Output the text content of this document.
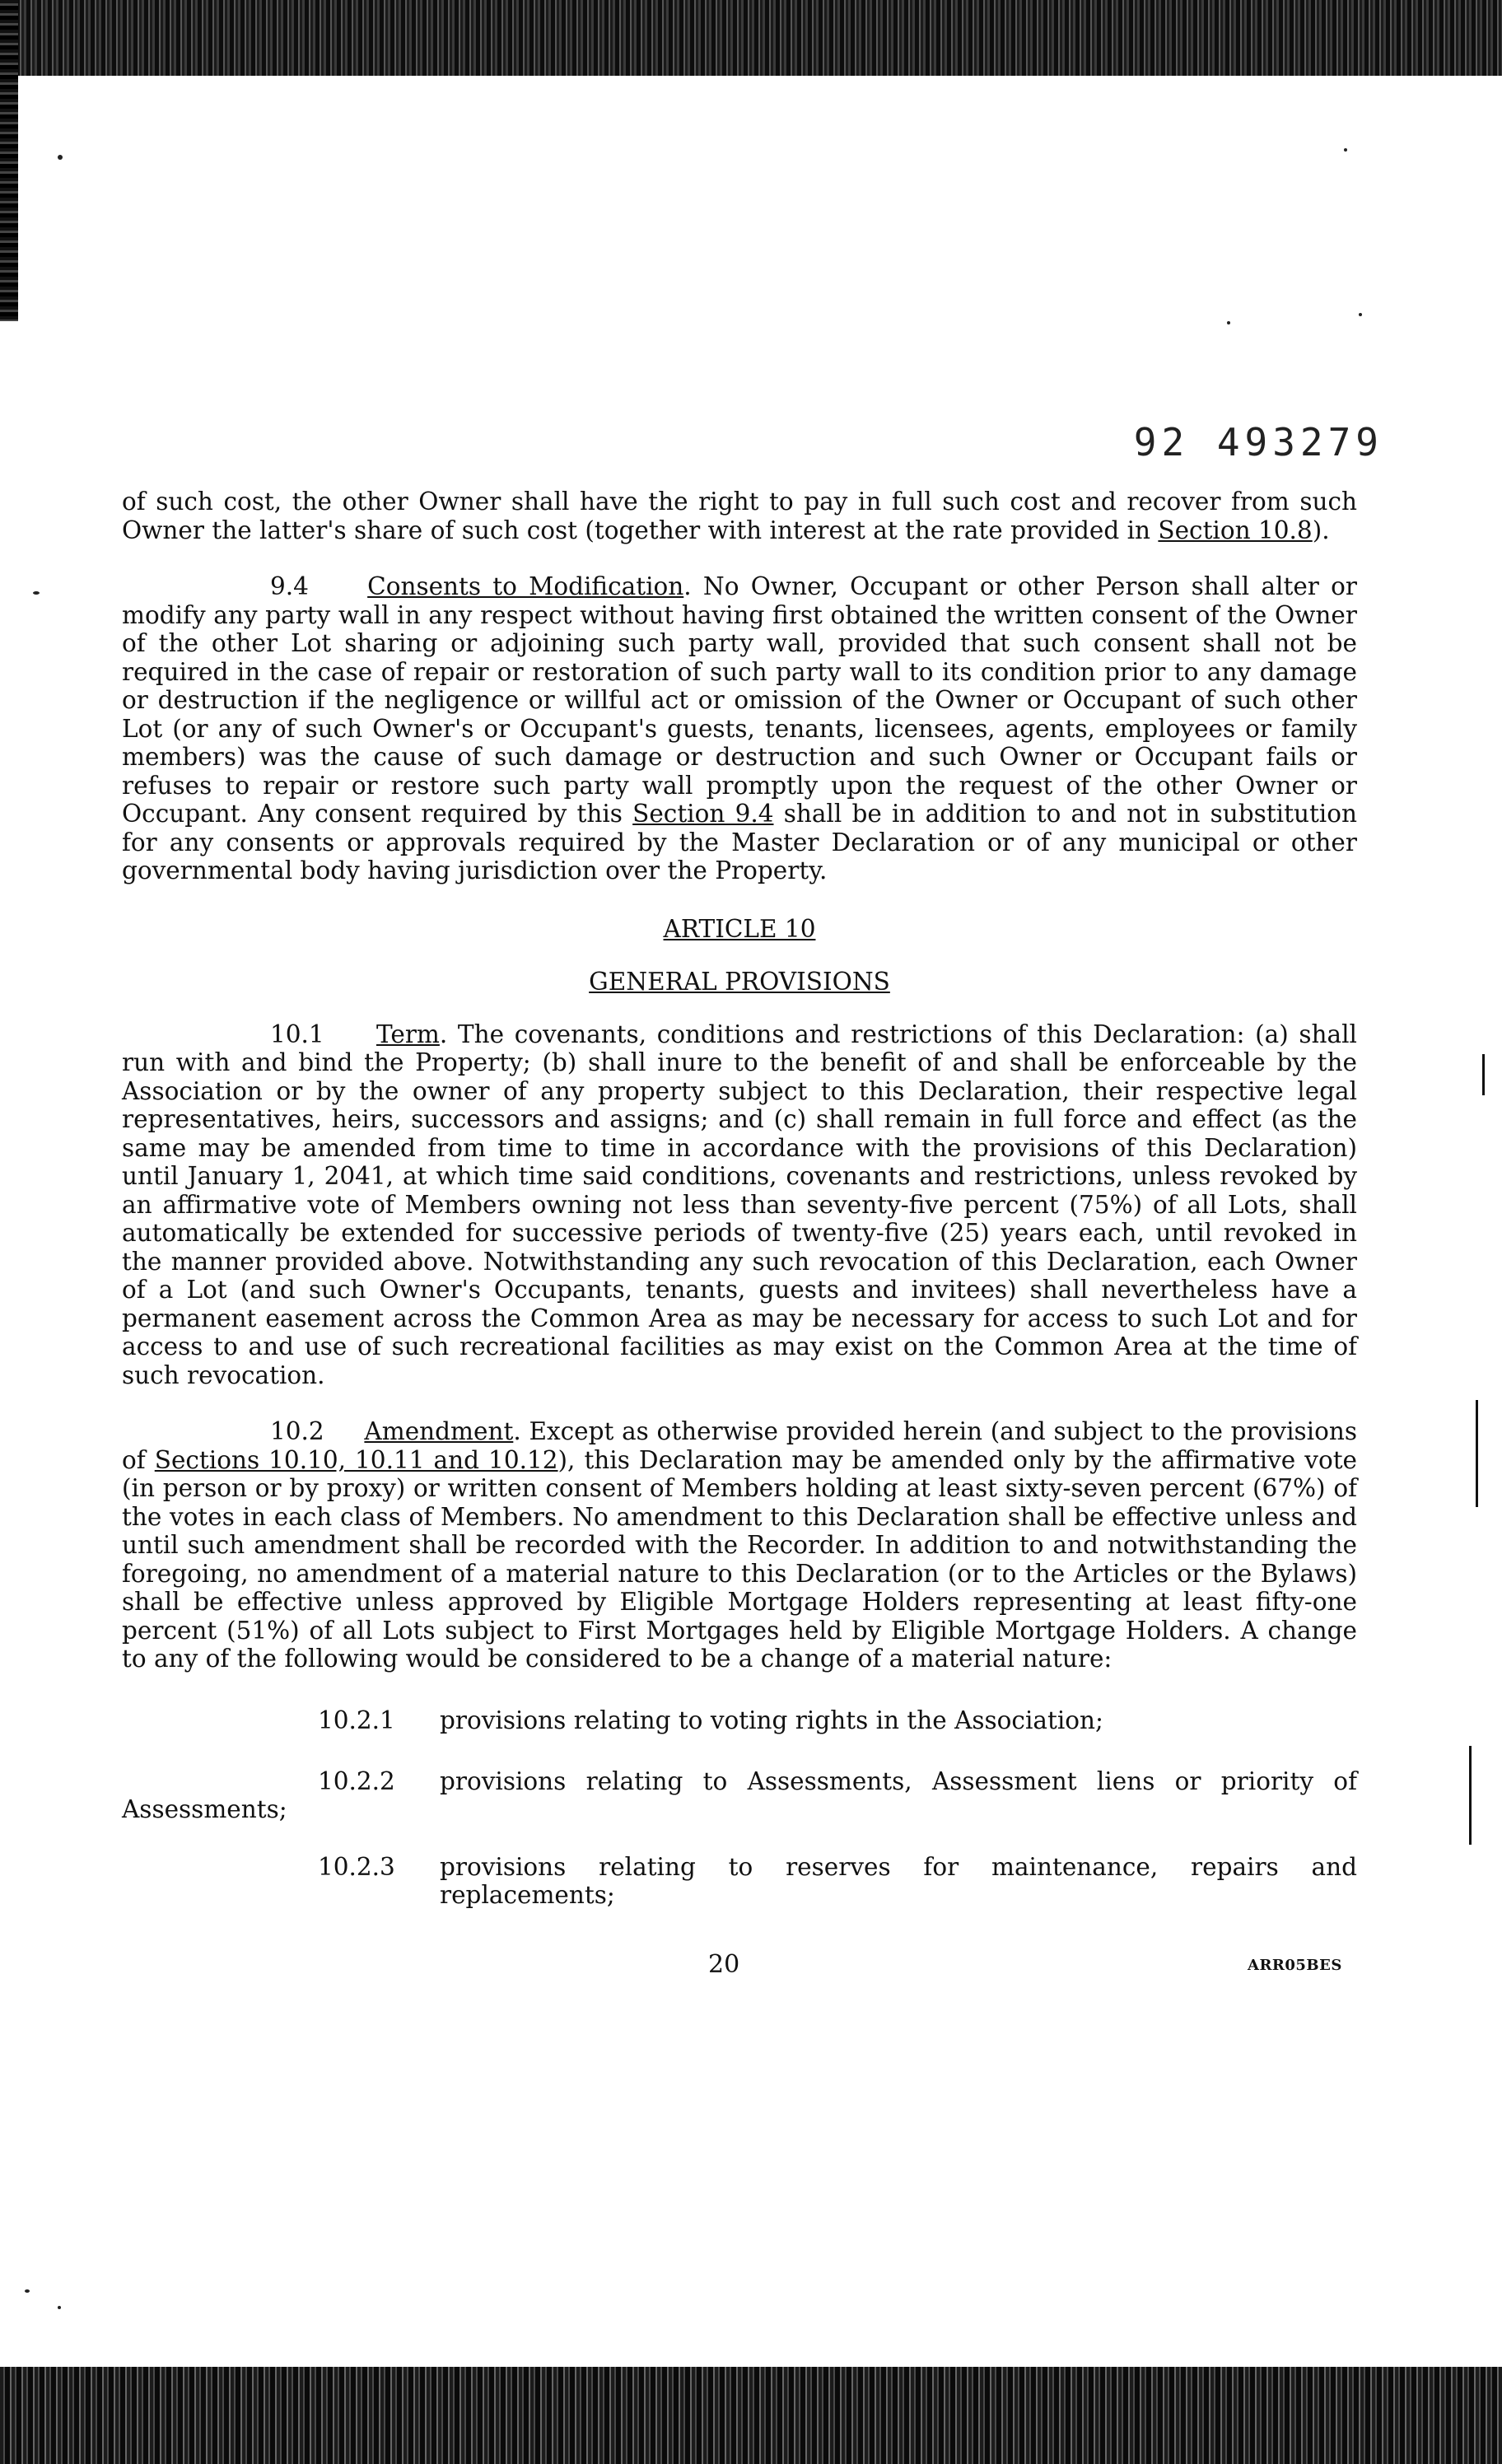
92 493279

of such cost, the other Owner shall have the right to pay in full such cost and recover from such Owner the latter's share of such cost (together with interest at the rate provided in Section 10.8).

9.4 Consents to Modification. No Owner, Occupant or other Person shall alter or modify any party wall in any respect without having first obtained the written consent of the Owner of the other Lot sharing or adjoining such party wall, provided that such consent shall not be required in the case of repair or restoration of such party wall to its condition prior to any damage or destruction if the negligence or willful act or omission of the Owner or Occupant of such other Lot (or any of such Owner's or Occupant's guests, tenants, licensees, agents, employees or family members) was the cause of such damage or destruction and such Owner or Occupant fails or refuses to repair or restore such party wall promptly upon the request of the other Owner or Occupant. Any consent required by this Section 9.4 shall be in addition to and not in substitution for any consents or approvals required by the Master Declaration or of any municipal or other governmental body having jurisdiction over the Property.

ARTICLE 10

GENERAL PROVISIONS

10.1 Term. The covenants, conditions and restrictions of this Declaration: (a) shall run with and bind the Property; (b) shall inure to the benefit of and shall be enforceable by the Association or by the owner of any property subject to this Declaration, their respective legal representatives, heirs, successors and assigns; and (c) shall remain in full force and effect (as the same may be amended from time to time in accordance with the provisions of this Declaration) until January 1, 2041, at which time said conditions, covenants and restrictions, unless revoked by an affirmative vote of Members owning not less than seventy-five percent (75%) of all Lots, shall automatically be extended for successive periods of twenty-five (25) years each, until revoked in the manner provided above. Notwithstanding any such revocation of this Declaration, each Owner of a Lot (and such Owner's Occupants, tenants, guests and invitees) shall nevertheless have a permanent easement across the Common Area as may be necessary for access to such Lot and for access to and use of such recreational facilities as may exist on the Common Area at the time of such revocation.

10.2 Amendment. Except as otherwise provided herein (and subject to the provisions of Sections 10.10, 10.11 and 10.12), this Declaration may be amended only by the affirmative vote (in person or by proxy) or written consent of Members holding at least sixty-seven percent (67%) of the votes in each class of Members. No amendment to this Declaration shall be effective unless and until such amendment shall be recorded with the Recorder. In addition to and notwithstanding the foregoing, no amendment of a material nature to this Declaration (or to the Articles or the Bylaws) shall be effective unless approved by Eligible Mortgage Holders representing at least fifty-one percent (51%) of all Lots subject to First Mortgages held by Eligible Mortgage Holders. A change to any of the following would be considered to be a change of a material nature:

10.2.1	provisions relating to voting rights in the Association;
10.2.2	provisions relating to Assessments, Assessment liens or priority of

Assessments;

10.2.3	provisions relating to reserves for maintenance, repairs and replacements;
20	ARR05BES
